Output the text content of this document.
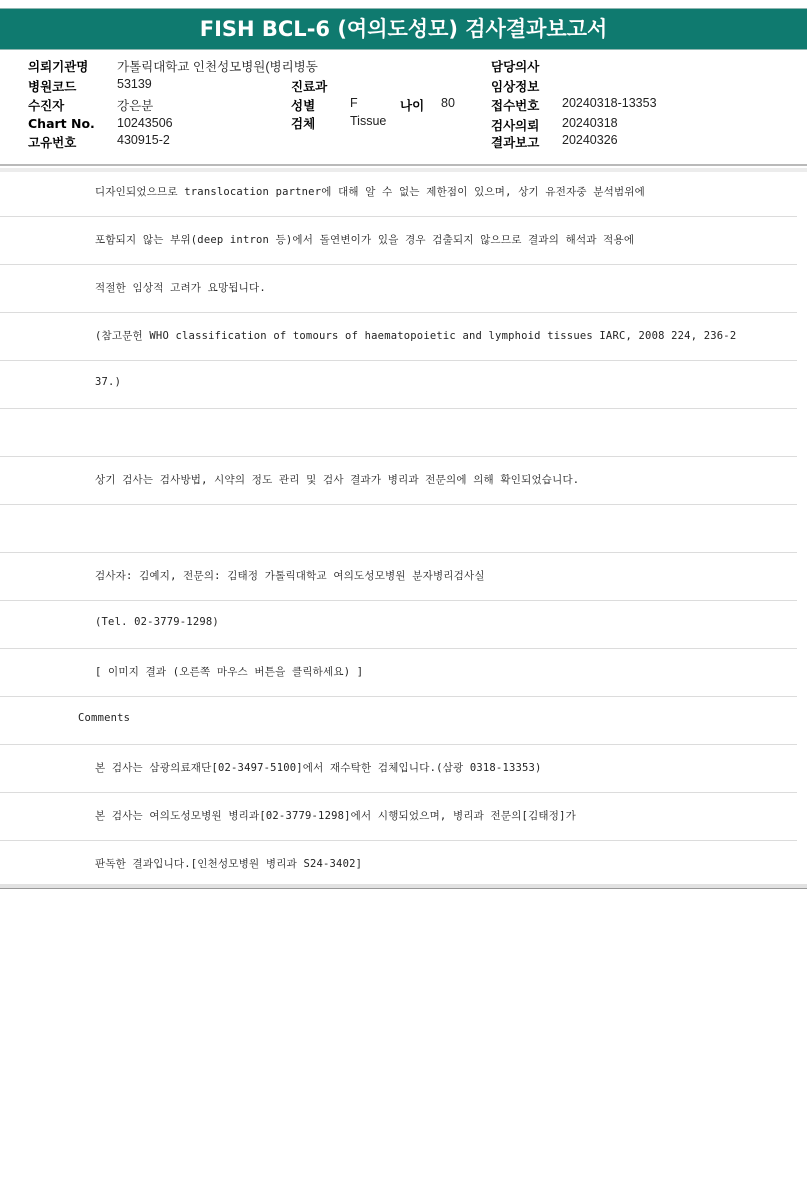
FISH BCL-6 (여의도성모) 검사결과보고서
의뢰기관명 가톨릭대학교 인천성모병원(병리병동
병원코드	53139
수진자	강은분
Chart No. 10243506
고유번호	430915-2
진료과
성별	F	나이 80
검체	Tissue
담당의사
임상정보
접수번호 20240318-13353
검사의뢰 20240318
결과보고 20240326
디자인되었으므로 translocation partner에 대해 알 수 없는 제한점이 있으며, 상기 유전자중 분석범위에
포함되지 않는 부위(deep intron 등)에서 돌연변이가 있을 경우 검출되지 않으므로 결과의 해석과 적용에
적절한 임상적 고려가 요망됩니다.
(참고문헌 WHO classification of tomours of haematopoietic and lymphoid tissues IARC, 2008 224, 236-2
37.)
상기 검사는 검사방법, 시약의 정도 관리 및 검사 결과가 병리과 전문의에 의해 확인되었습니다.
검사자: 김예지, 전문의: 김태정 가톨릭대학교 여의도성모병원 분자병리검사실
(Tel. 02-3779-1298)
[ 이미지 결과 (오른쪽 마우스 버튼을 클릭하세요) ]
Comments
본 검사는 삼광의료재단[02-3497-5100]에서 재수탁한 검체입니다.(삼광 0318-13353)
본 검사는 여의도성모병원 병리과[02-3779-1298]에서 시행되었으며, 병리과 전문의[김태정]가
판독한 결과입니다.[인천성모병원 병리과 S24-3402]
